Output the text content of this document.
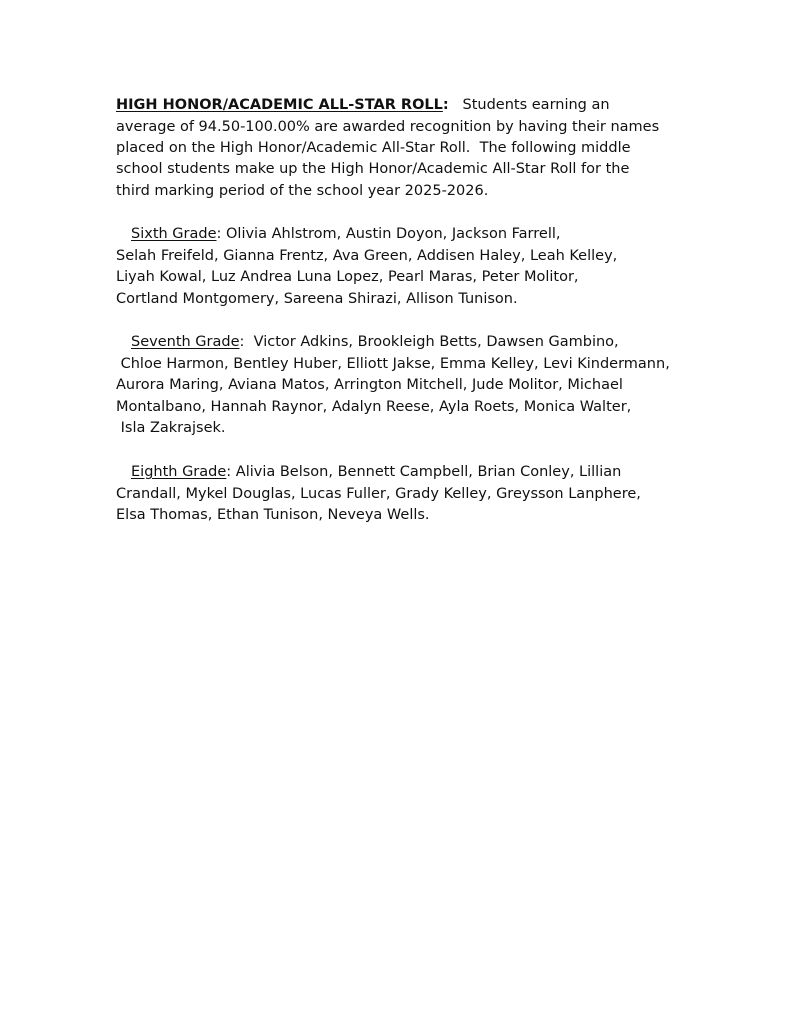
HIGH HONOR/ACADEMIC ALL-STAR ROLL:   Students earning an

average of 94.50-100.00% are awarded recognition by having their names

placed on the High Honor/Academic All-Star Roll.  The following middle

school students make up the High Honor/Academic All-Star Roll for the

third marking period of the school year 2025-2026.

Sixth Grade: Olivia Ahlstrom, Austin Doyon, Jackson Farrell,

Selah Freifeld, Gianna Frentz, Ava Green, Addisen Haley, Leah Kelley,

Liyah Kowal, Luz Andrea Luna Lopez, Pearl Maras, Peter Molitor,

Cortland Montgomery, Sareena Shirazi, Allison Tunison.

Seventh Grade:  Victor Adkins, Brookleigh Betts, Dawsen Gambino,

Chloe Harmon, Bentley Huber, Elliott Jakse, Emma Kelley, Levi Kindermann,

Aurora Maring, Aviana Matos, Arrington Mitchell, Jude Molitor, Michael

Montalbano, Hannah Raynor, Adalyn Reese, Ayla Roets, Monica Walter,

Isla Zakrajsek.

Eighth Grade: Alivia Belson, Bennett Campbell, Brian Conley, Lillian

Crandall, Mykel Douglas, Lucas Fuller, Grady Kelley, Greysson Lanphere,

Elsa Thomas, Ethan Tunison, Neveya Wells.
